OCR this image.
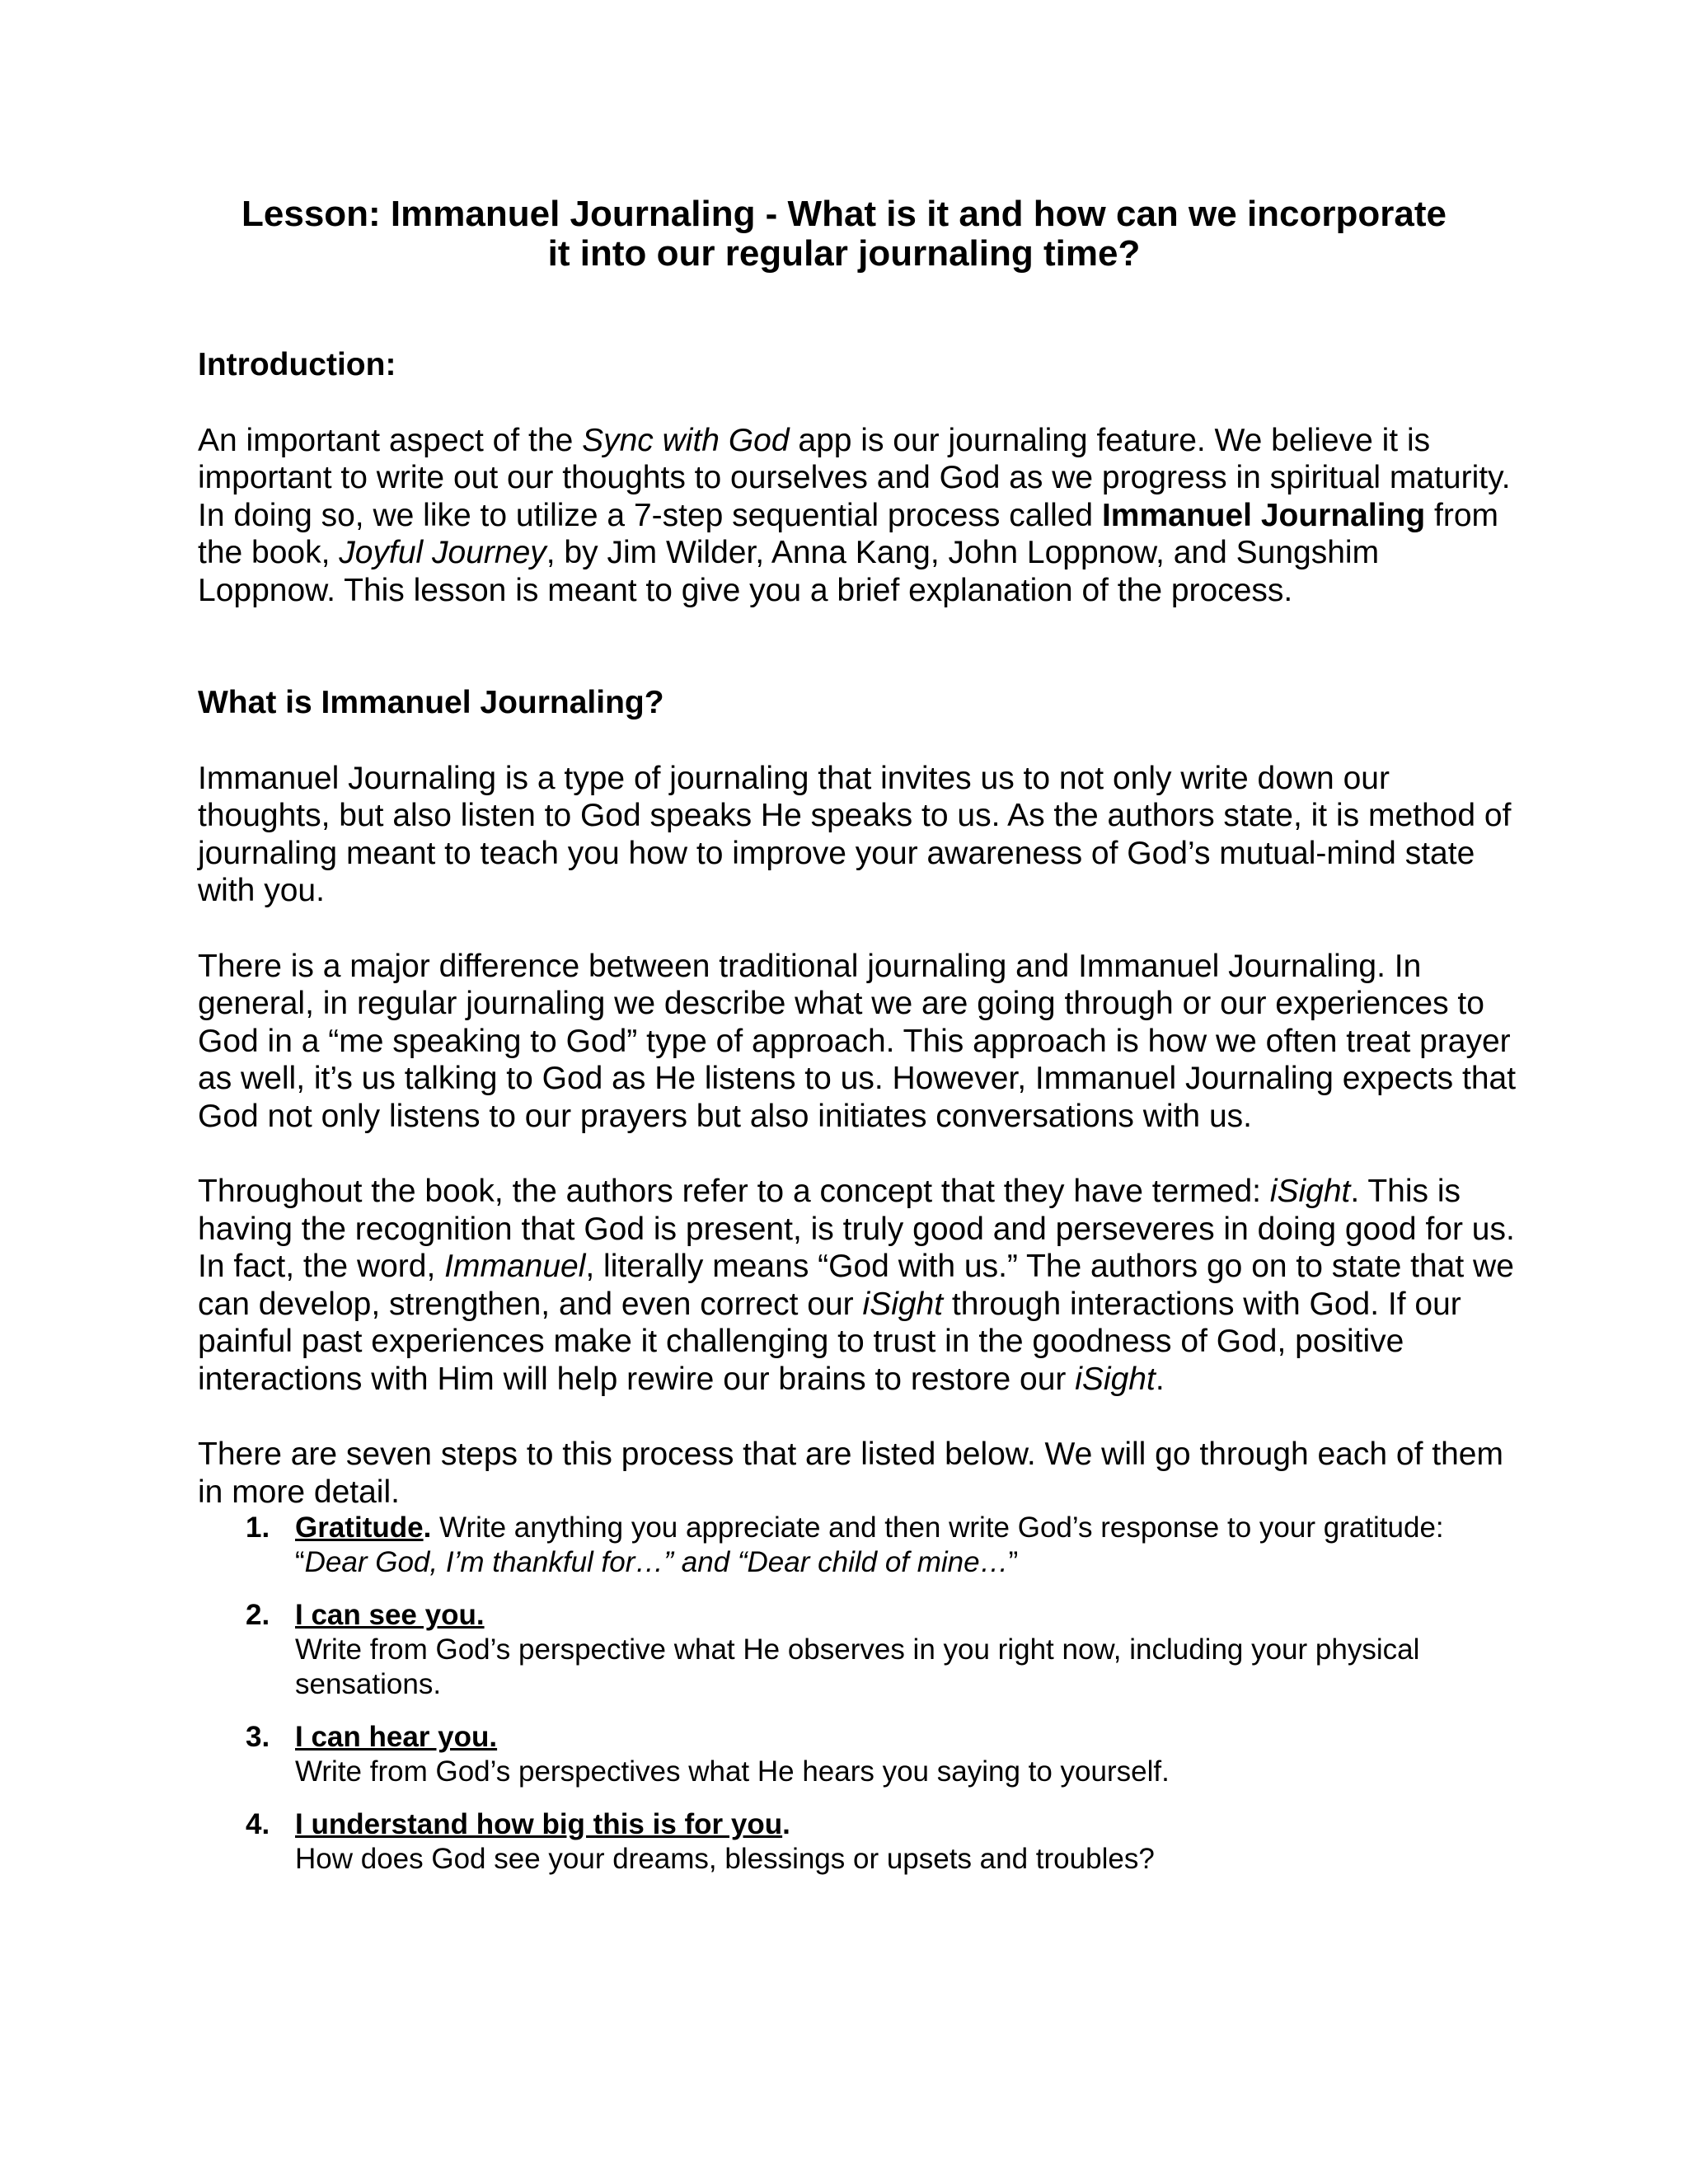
Lesson: Immanuel Journaling - What is it and how can we incorporate
it into our regular journaling time?

Introduction:

An important aspect of the Sync with God app is our journaling feature. We believe it is important to write out our thoughts to ourselves and God as we progress in spiritual maturity. In doing so, we like to utilize a 7-step sequential process called Immanuel Journaling from the book, Joyful Journey, by Jim Wilder, Anna Kang, John Loppnow, and Sungshim Loppnow. This lesson is meant to give you a brief explanation of the process.

What is Immanuel Journaling?

Immanuel Journaling is a type of journaling that invites us to not only write down our thoughts, but also listen to God speaks He speaks to us. As the authors state, it is method of journaling meant to teach you how to improve your awareness of God’s mutual-mind state with you.

There is a major difference between traditional journaling and Immanuel Journaling. In general, in regular journaling we describe what we are going through or our experiences to God in a “me speaking to God” type of approach. This approach is how we often treat prayer as well, it’s us talking to God as He listens to us. However, Immanuel Journaling expects that God not only listens to our prayers but also initiates conversations with us.

Throughout the book, the authors refer to a concept that they have termed: iSight. This is having the recognition that God is present, is truly good and perseveres in doing good for us. In fact, the word, Immanuel, literally means “God with us.” The authors go on to state that we can develop, strengthen, and even correct our iSight through interactions with God. If our painful past experiences make it challenging to trust in the goodness of God, positive interactions with Him will help rewire our brains to restore our iSight.

There are seven steps to this process that are listed below. We will go through each of them in more detail.

1. Gratitude. Write anything you appreciate and then write God’s response to your gratitude: “Dear God, I’m thankful for…” and “Dear child of mine…”
2. I can see you.
Write from God’s perspective what He observes in you right now, including your physical sensations.
3. I can hear you.
Write from God’s perspectives what He hears you saying to yourself.
4. I understand how big this is for you.
How does God see your dreams, blessings or upsets and troubles?
